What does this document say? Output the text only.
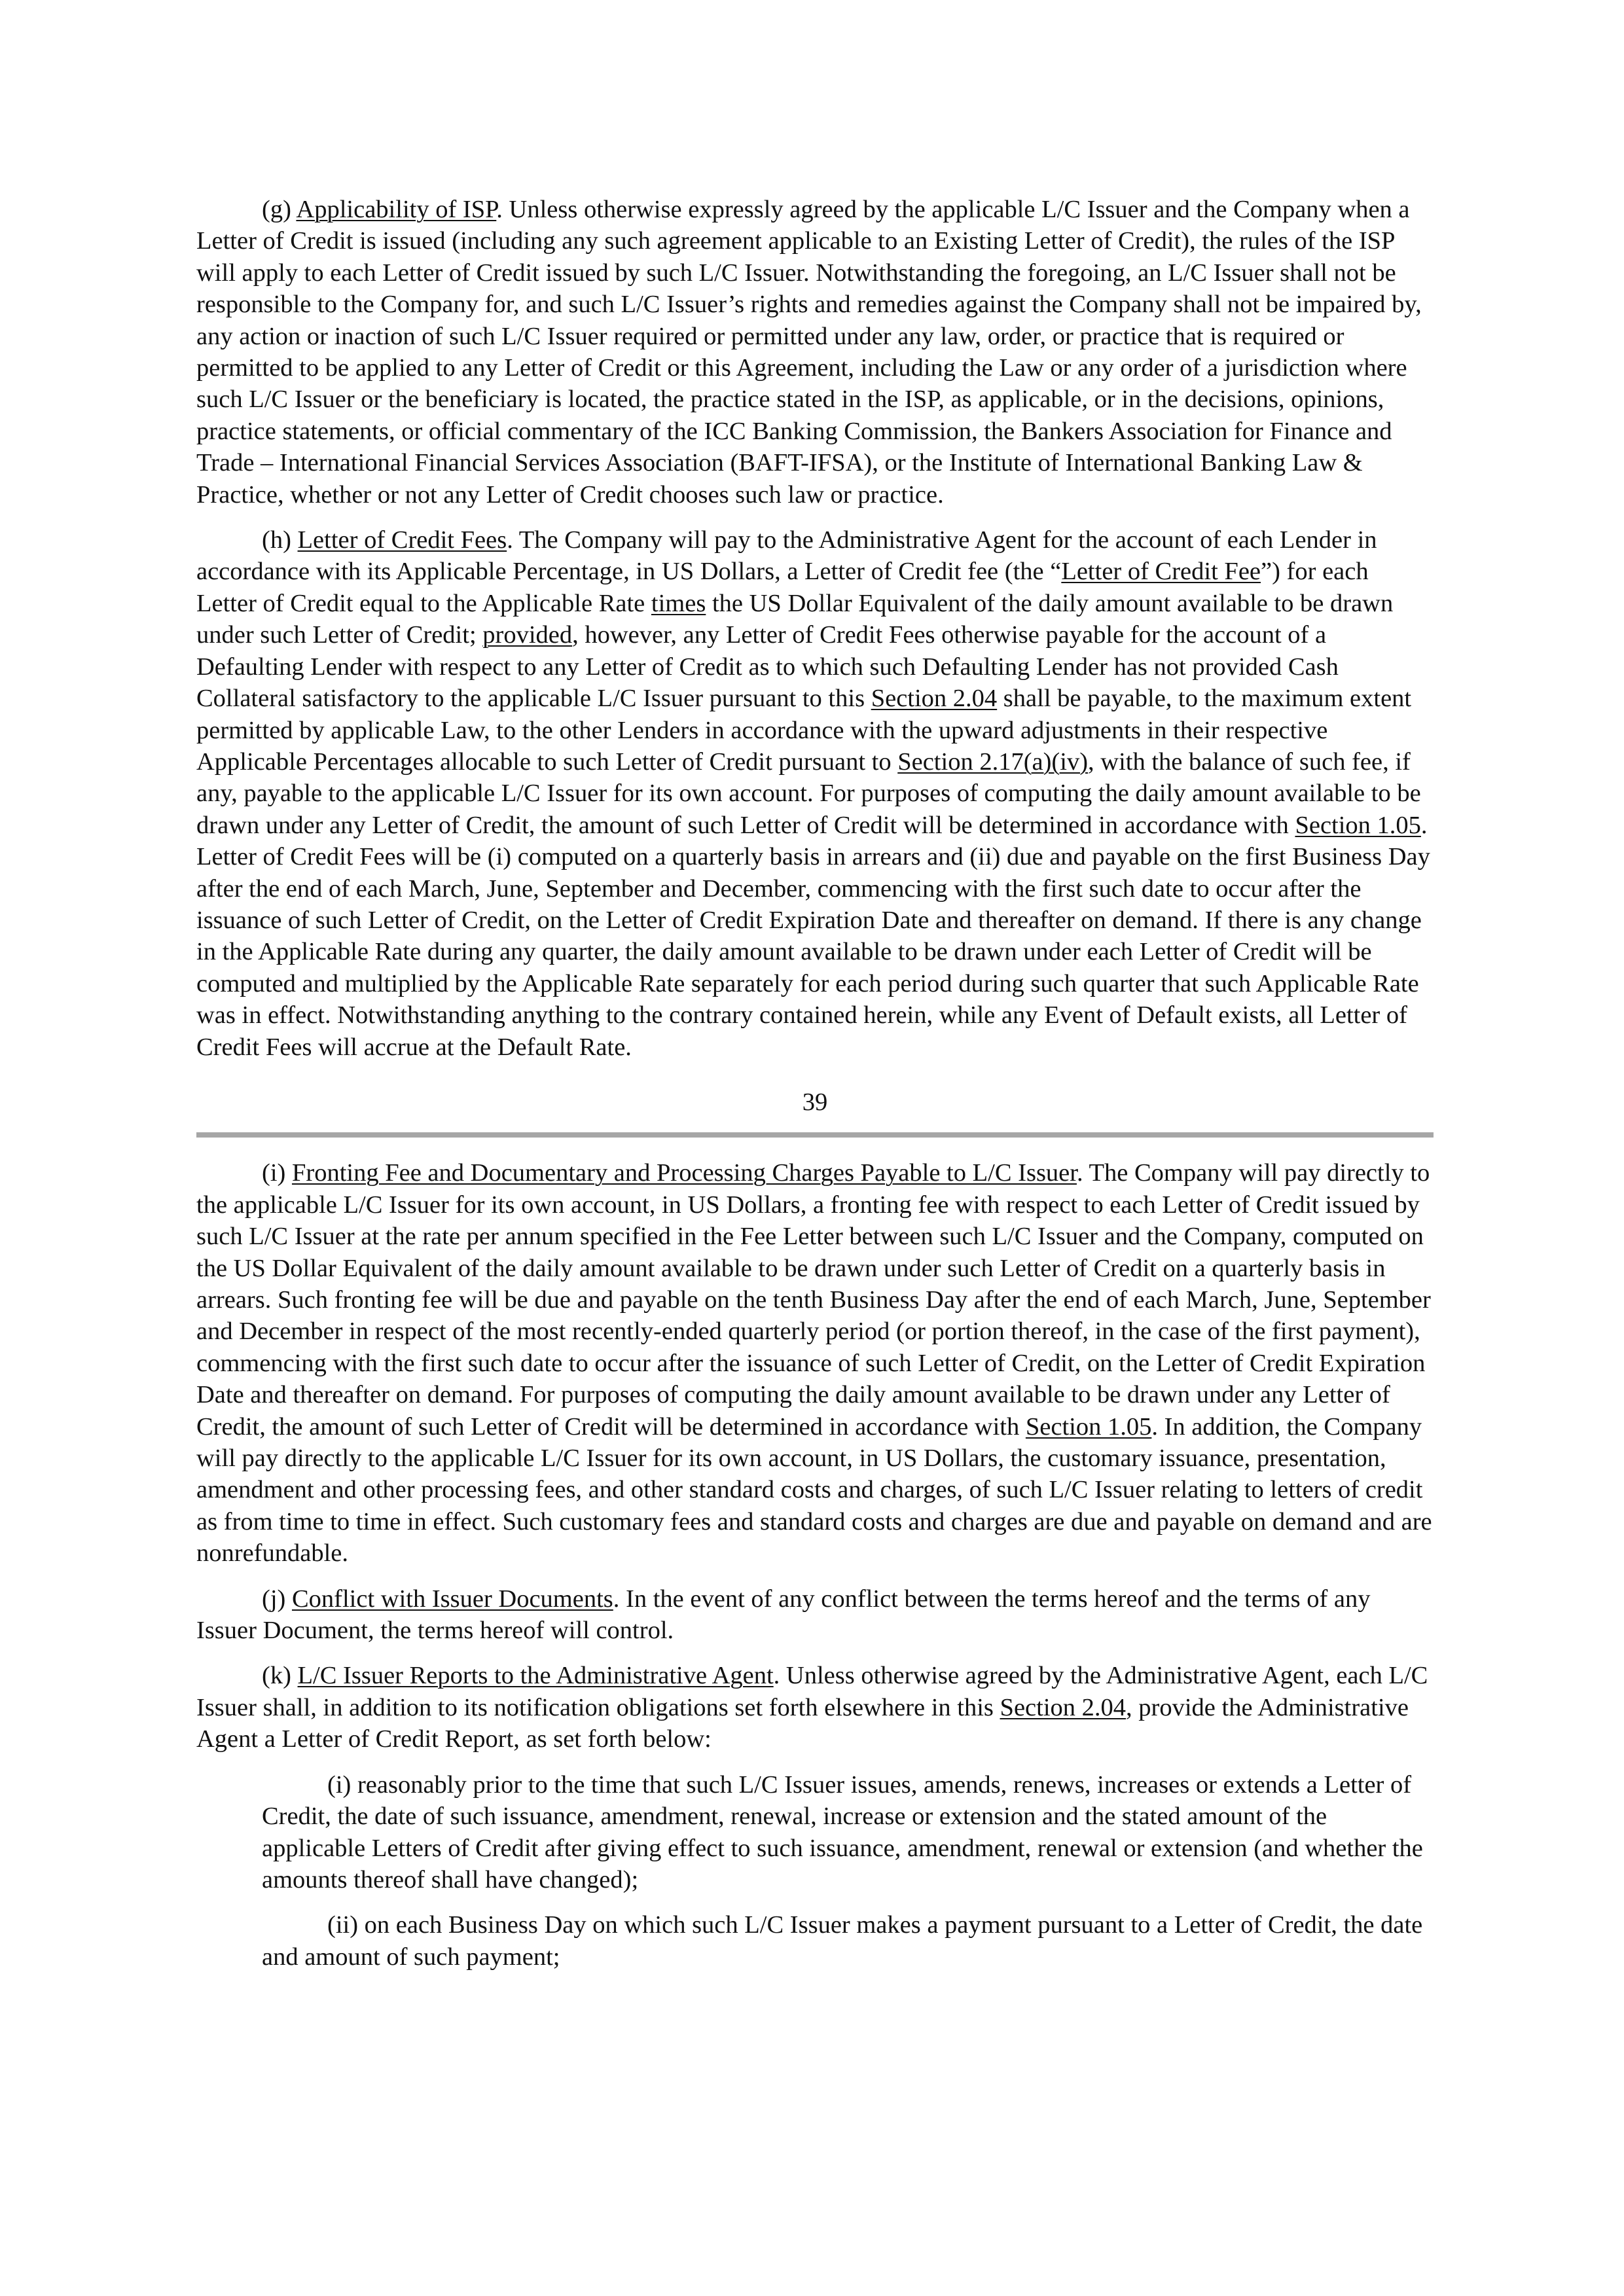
(g) Applicability of ISP. Unless otherwise expressly agreed by the applicable L/C Issuer and the Company when a Letter of Credit is issued (including any such agreement applicable to an Existing Letter of Credit), the rules of the ISP will apply to each Letter of Credit issued by such L/C Issuer. Notwithstanding the foregoing, an L/C Issuer shall not be responsible to the Company for, and such L/C Issuer’s rights and remedies against the Company shall not be impaired by, any action or inaction of such L/C Issuer required or permitted under any law, order, or practice that is required or permitted to be applied to any Letter of Credit or this Agreement, including the Law or any order of a jurisdiction where such L/C Issuer or the beneficiary is located, the practice stated in the ISP, as applicable, or in the decisions, opinions, practice statements, or official commentary of the ICC Banking Commission, the Bankers Association for Finance and Trade – International Financial Services Association (BAFT-IFSA), or the Institute of International Banking Law & Practice, whether or not any Letter of Credit chooses such law or practice.

(h) Letter of Credit Fees. The Company will pay to the Administrative Agent for the account of each Lender in accordance with its Applicable Percentage, in US Dollars, a Letter of Credit fee (the “Letter of Credit Fee”) for each Letter of Credit equal to the Applicable Rate times the US Dollar Equivalent of the daily amount available to be drawn under such Letter of Credit; provided, however, any Letter of Credit Fees otherwise payable for the account of a Defaulting Lender with respect to any Letter of Credit as to which such Defaulting Lender has not provided Cash Collateral satisfactory to the applicable L/C Issuer pursuant to this Section 2.04 shall be payable, to the maximum extent permitted by applicable Law, to the other Lenders in accordance with the upward adjustments in their respective Applicable Percentages allocable to such Letter of Credit pursuant to Section 2.17(a)(iv), with the balance of such fee, if any, payable to the applicable L/C Issuer for its own account. For purposes of computing the daily amount available to be drawn under any Letter of Credit, the amount of such Letter of Credit will be determined in accordance with Section 1.05. Letter of Credit Fees will be (i) computed on a quarterly basis in arrears and (ii) due and payable on the first Business Day after the end of each March, June, September and December, commencing with the first such date to occur after the issuance of such Letter of Credit, on the Letter of Credit Expiration Date and thereafter on demand. If there is any change in the Applicable Rate during any quarter, the daily amount available to be drawn under each Letter of Credit will be computed and multiplied by the Applicable Rate separately for each period during such quarter that such Applicable Rate was in effect. Notwithstanding anything to the contrary contained herein, while any Event of Default exists, all Letter of Credit Fees will accrue at the Default Rate.

39

(i) Fronting Fee and Documentary and Processing Charges Payable to L/C Issuer. The Company will pay directly to the applicable L/C Issuer for its own account, in US Dollars, a fronting fee with respect to each Letter of Credit issued by such L/C Issuer at the rate per annum specified in the Fee Letter between such L/C Issuer and the Company, computed on the US Dollar Equivalent of the daily amount available to be drawn under such Letter of Credit on a quarterly basis in arrears. Such fronting fee will be due and payable on the tenth Business Day after the end of each March, June, September and December in respect of the most recently-ended quarterly period (or portion thereof, in the case of the first payment), commencing with the first such date to occur after the issuance of such Letter of Credit, on the Letter of Credit Expiration Date and thereafter on demand. For purposes of computing the daily amount available to be drawn under any Letter of Credit, the amount of such Letter of Credit will be determined in accordance with Section 1.05. In addition, the Company will pay directly to the applicable L/C Issuer for its own account, in US Dollars, the customary issuance, presentation, amendment and other processing fees, and other standard costs and charges, of such L/C Issuer relating to letters of credit as from time to time in effect. Such customary fees and standard costs and charges are due and payable on demand and are nonrefundable.

(j) Conflict with Issuer Documents. In the event of any conflict between the terms hereof and the terms of any Issuer Document, the terms hereof will control.

(k) L/C Issuer Reports to the Administrative Agent. Unless otherwise agreed by the Administrative Agent, each L/C Issuer shall, in addition to its notification obligations set forth elsewhere in this Section 2.04, provide the Administrative Agent a Letter of Credit Report, as set forth below:

(i) reasonably prior to the time that such L/C Issuer issues, amends, renews, increases or extends a Letter of Credit, the date of such issuance, amendment, renewal, increase or extension and the stated amount of the applicable Letters of Credit after giving effect to such issuance, amendment, renewal or extension (and whether the amounts thereof shall have changed);

(ii) on each Business Day on which such L/C Issuer makes a payment pursuant to a Letter of Credit, the date and amount of such payment;
